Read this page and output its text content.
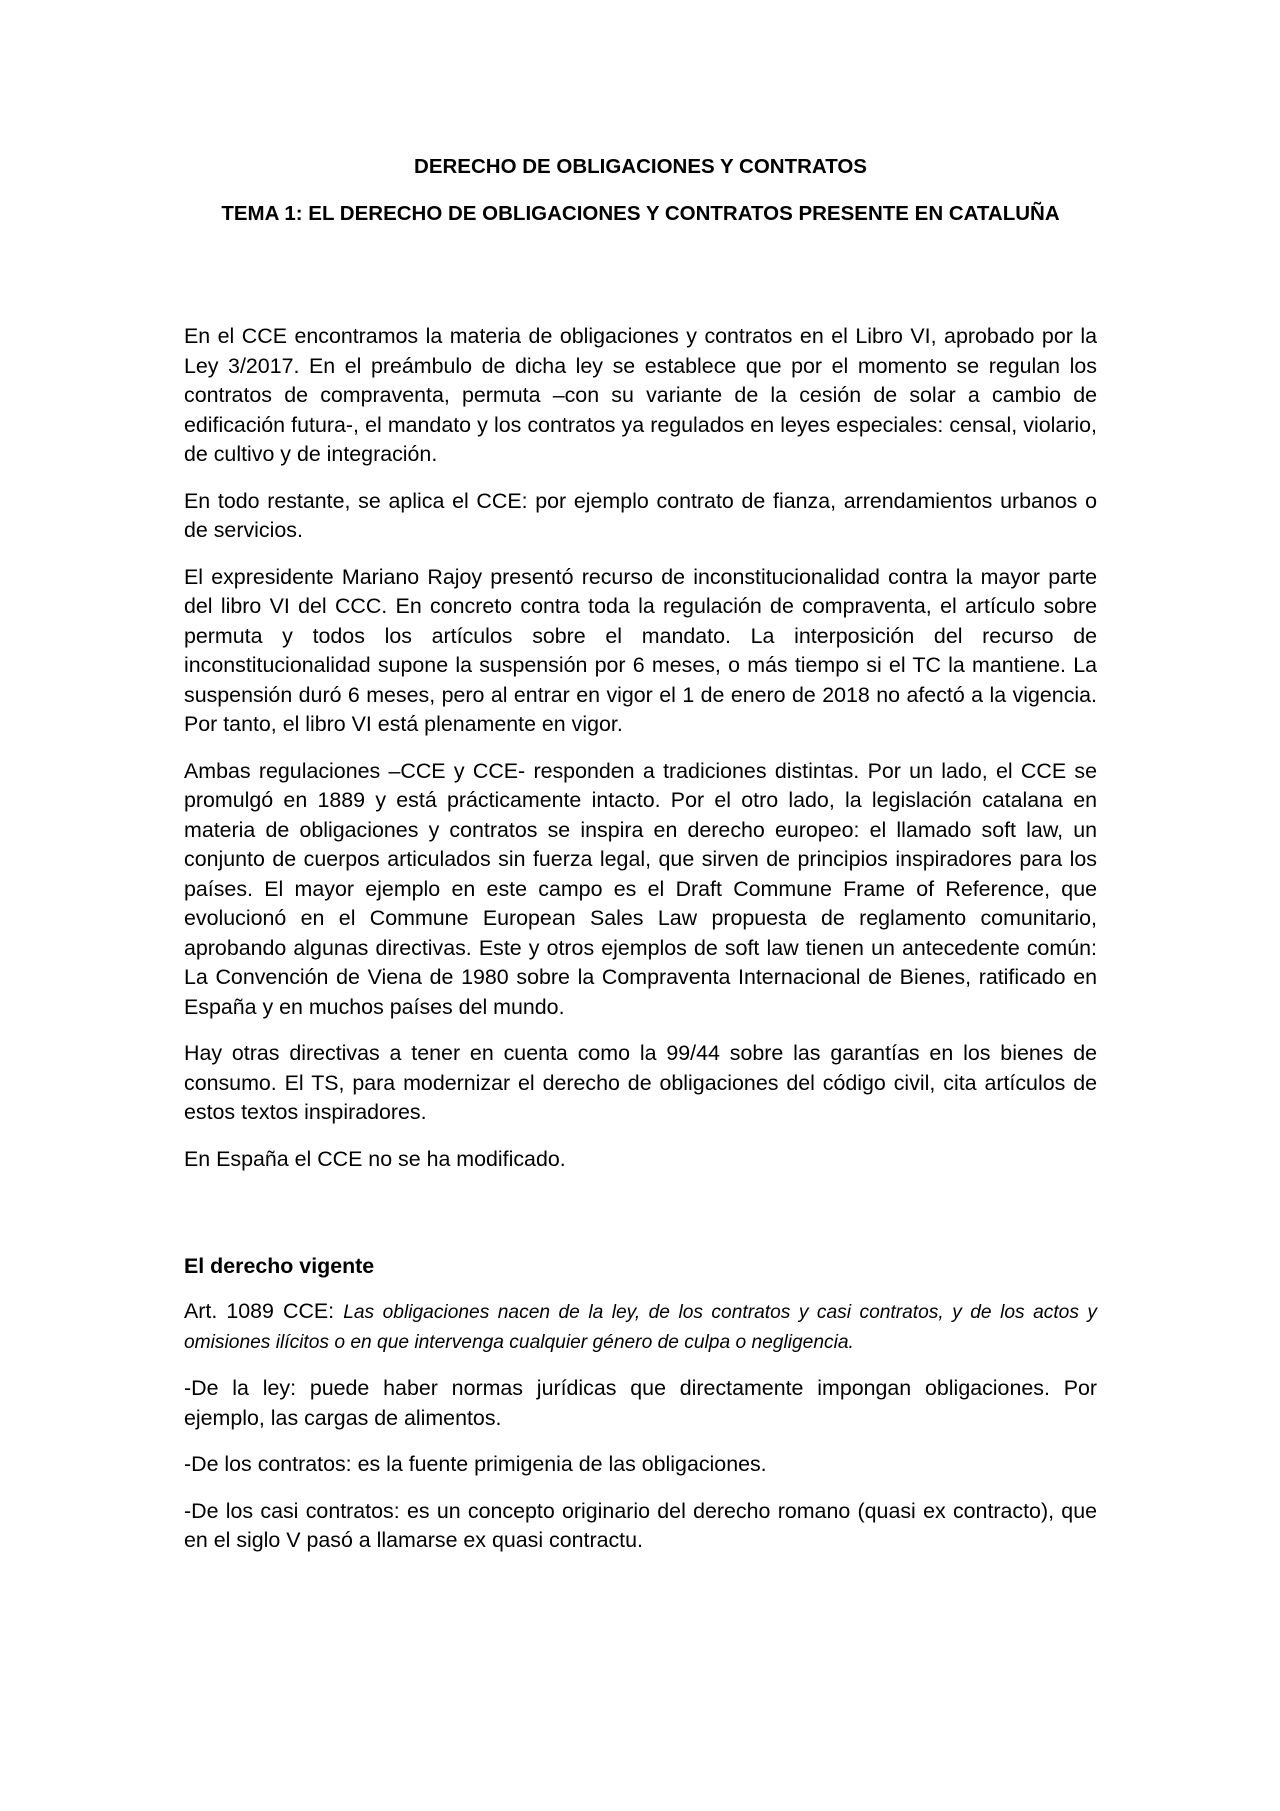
DERECHO DE OBLIGACIONES Y CONTRATOS
TEMA 1: EL DERECHO DE OBLIGACIONES Y CONTRATOS PRESENTE EN CATALUÑA

En el CCE encontramos la materia de obligaciones y contratos en el Libro VI, aprobado por la Ley 3/2017. En el preámbulo de dicha ley se establece que por el momento se regulan los contratos de compraventa, permuta –con su variante de la cesión de solar a cambio de edificación futura-, el mandato y los contratos ya regulados en leyes especiales: censal, violario, de cultivo y de integración.

En todo restante, se aplica el CCE: por ejemplo contrato de fianza, arrendamientos urbanos o de servicios.

El expresidente Mariano Rajoy presentó recurso de inconstitucionalidad contra la mayor parte del libro VI del CCC. En concreto contra toda la regulación de compraventa, el artículo sobre permuta y todos los artículos sobre el mandato. La interposición del recurso de inconstitucionalidad supone la suspensión por 6 meses, o más tiempo si el TC la mantiene. La suspensión duró 6 meses, pero al entrar en vigor el 1 de enero de 2018 no afectó a la vigencia. Por tanto, el libro VI está plenamente en vigor.

Ambas regulaciones –CCE y CCE- responden a tradiciones distintas. Por un lado, el CCE se promulgó en 1889 y está prácticamente intacto. Por el otro lado, la legislación catalana en materia de obligaciones y contratos se inspira en derecho europeo: el llamado soft law, un conjunto de cuerpos articulados sin fuerza legal, que sirven de principios inspiradores para los países. El mayor ejemplo en este campo es el Draft Commune Frame of Reference, que evolucionó en el Commune European Sales Law propuesta de reglamento comunitario, aprobando algunas directivas. Este y otros ejemplos de soft law tienen un antecedente común: La Convención de Viena de 1980 sobre la Compraventa Internacional de Bienes, ratificado en España y en muchos países del mundo.

Hay otras directivas a tener en cuenta como la 99/44 sobre las garantías en los bienes de consumo. El TS, para modernizar el derecho de obligaciones del código civil, cita artículos de estos textos inspiradores.

En España el CCE no se ha modificado.

El derecho vigente

Art. 1089 CCE: Las obligaciones nacen de la ley, de los contratos y casi contratos, y de los actos y omisiones ilícitos o en que intervenga cualquier género de culpa o negligencia.

-De la ley: puede haber normas jurídicas que directamente impongan obligaciones. Por ejemplo, las cargas de alimentos.

-De los contratos: es la fuente primigenia de las obligaciones.

-De los casi contratos: es un concepto originario del derecho romano (quasi ex contracto), que en el siglo V pasó a llamarse ex quasi contractu.
